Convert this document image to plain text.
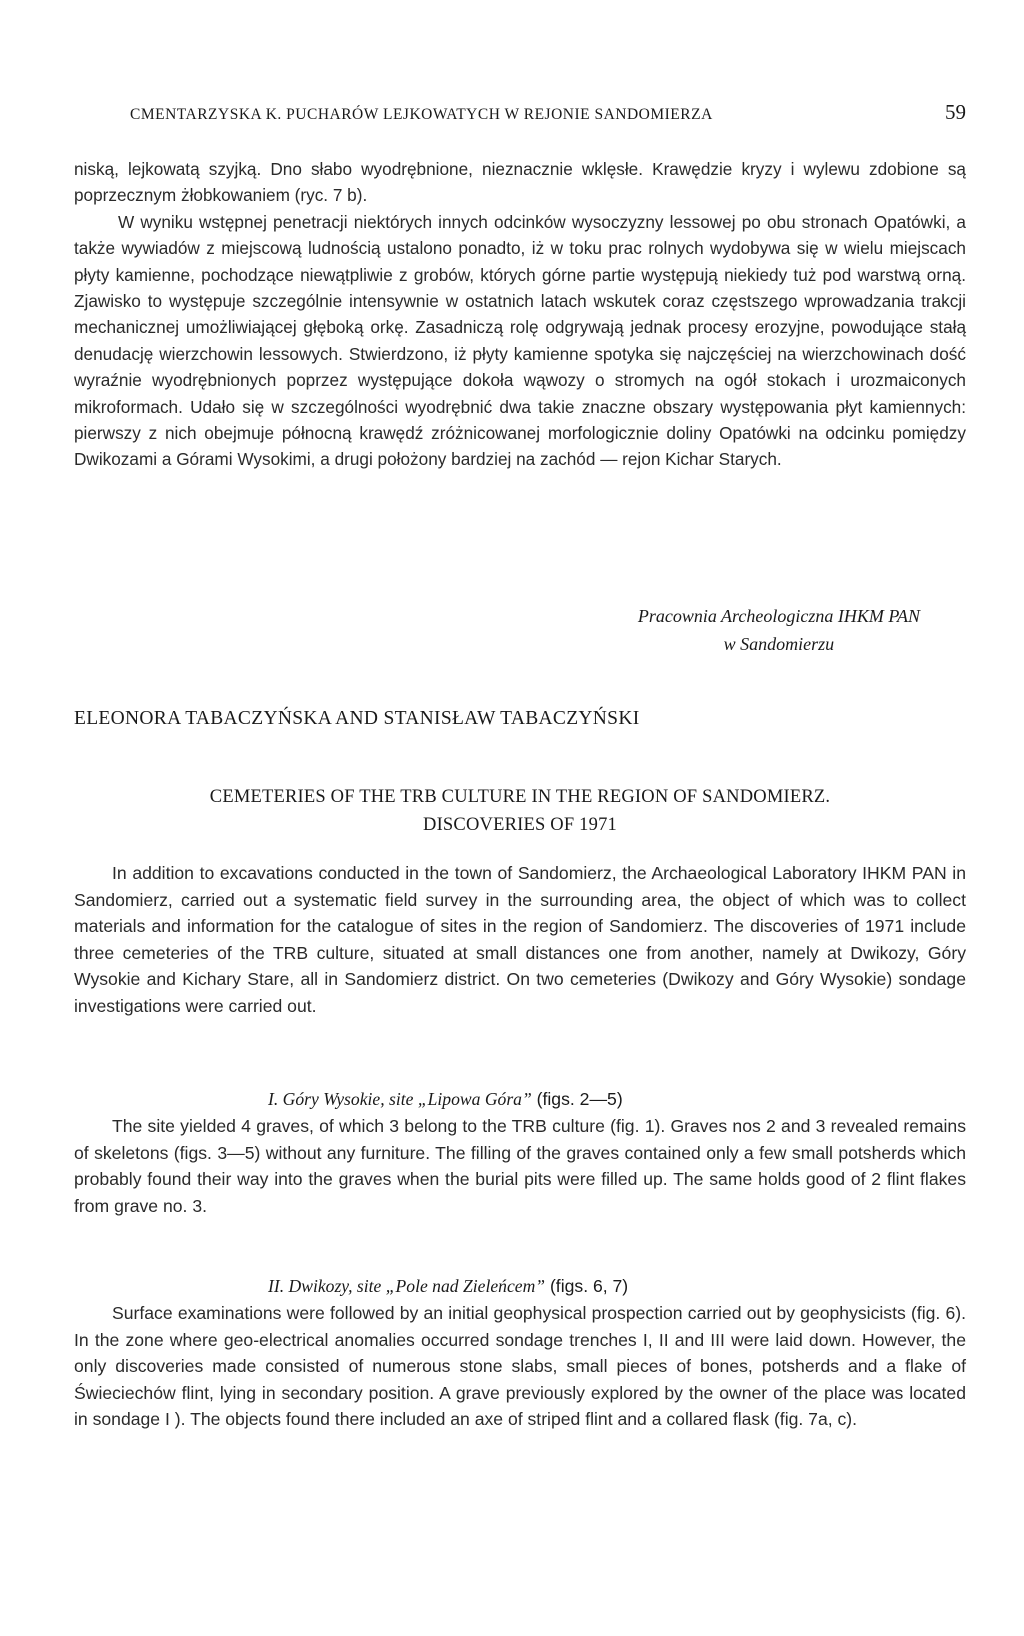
CMENTARZYSKA K. PUCHARÓW LEJKOWATYCH W REJONIE SANDOMIERZA	59

niską, lejkowatą szyjką. Dno słabo wyodrębnione, nieznacznie wklęsłe. Krawędzie kryzy i wylewu zdobione są poprzecznym żłobkowaniem (ryc. 7 b).

W wyniku wstępnej penetracji niektórych innych odcinków wysoczyzny lessowej po obu stronach Opatówki, a także wywiadów z miejscową ludnością ustalono ponadto, iż w toku prac rolnych wydobywa się w wielu miejscach płyty kamienne, pochodzące niewątpliwie z grobów, których górne partie występują niekiedy tuż pod warstwą orną. Zjawisko to występuje szczególnie intensywnie w ostatnich latach wskutek coraz częstszego wprowadzania trakcji mechanicznej umożliwiającej głęboką orkę. Zasadniczą rolę odgrywają jednak procesy erozyjne, powodujące stałą denudację wierzchowin lessowych. Stwierdzono, iż płyty kamienne spotyka się najczęściej na wierzchowinach dość wyraźnie wyodrębnionych poprzez występujące dokoła wąwozy o stromych na ogół stokach i urozmaiconych mikroformach. Udało się w szczególności wyodrębnić dwa takie znaczne obszary występowania płyt kamiennych: pierwszy z nich obejmuje północną krawędź zróżnicowanej morfologicznie doliny Opatówki na odcinku pomiędzy Dwikozami a Górami Wysokimi, a drugi położony bardziej na zachód — rejon Kichar Starych.

Pracownia Archeologiczna IHKM PAN
w Sandomierzu
ELEONORA TABACZYŃSKA AND STANISŁAW TABACZYŃSKI
CEMETERIES OF THE TRB CULTURE IN THE REGION OF SANDOMIERZ.
DISCOVERIES OF 1971

In addition to excavations conducted in the town of Sandomierz, the Archaeological Laboratory IHKM PAN in Sandomierz, carried out a systematic field survey in the surrounding area, the object of which was to collect materials and information for the catalogue of sites in the region of Sandomierz. The discoveries of 1971 include three cemeteries of the TRB culture, situated at small distances one from another, namely at Dwikozy, Góry Wysokie and Kichary Stare, all in Sandomierz district. On two cemeteries (Dwikozy and Góry Wysokie) sondage investigations were carried out.

I. Góry Wysokie, site „Lipowa Góra” (figs. 2—5)

The site yielded 4 graves, of which 3 belong to the TRB culture (fig. 1). Graves nos 2 and 3 revealed remains of skeletons (figs. 3—5) without any furniture. The filling of the graves contained only a few small potsherds which probably found their way into the graves when the burial pits were filled up. The same holds good of 2 flint flakes from grave no. 3.

II. Dwikozy, site „Pole nad Zieleńcem” (figs. 6, 7)

Surface examinations were followed by an initial geophysical prospection carried out by geophysicists (fig. 6). In the zone where geo-electrical anomalies occurred sondage trenches I, II and III were laid down. However, the only discoveries made consisted of numerous stone slabs, small pieces of bones, potsherds and a flake of Świeciechów flint, lying in secondary position. A grave previously explored by the owner of the place was located in sondage I ). The objects found there included an axe of striped flint and a collared flask (fig. 7a, c).
